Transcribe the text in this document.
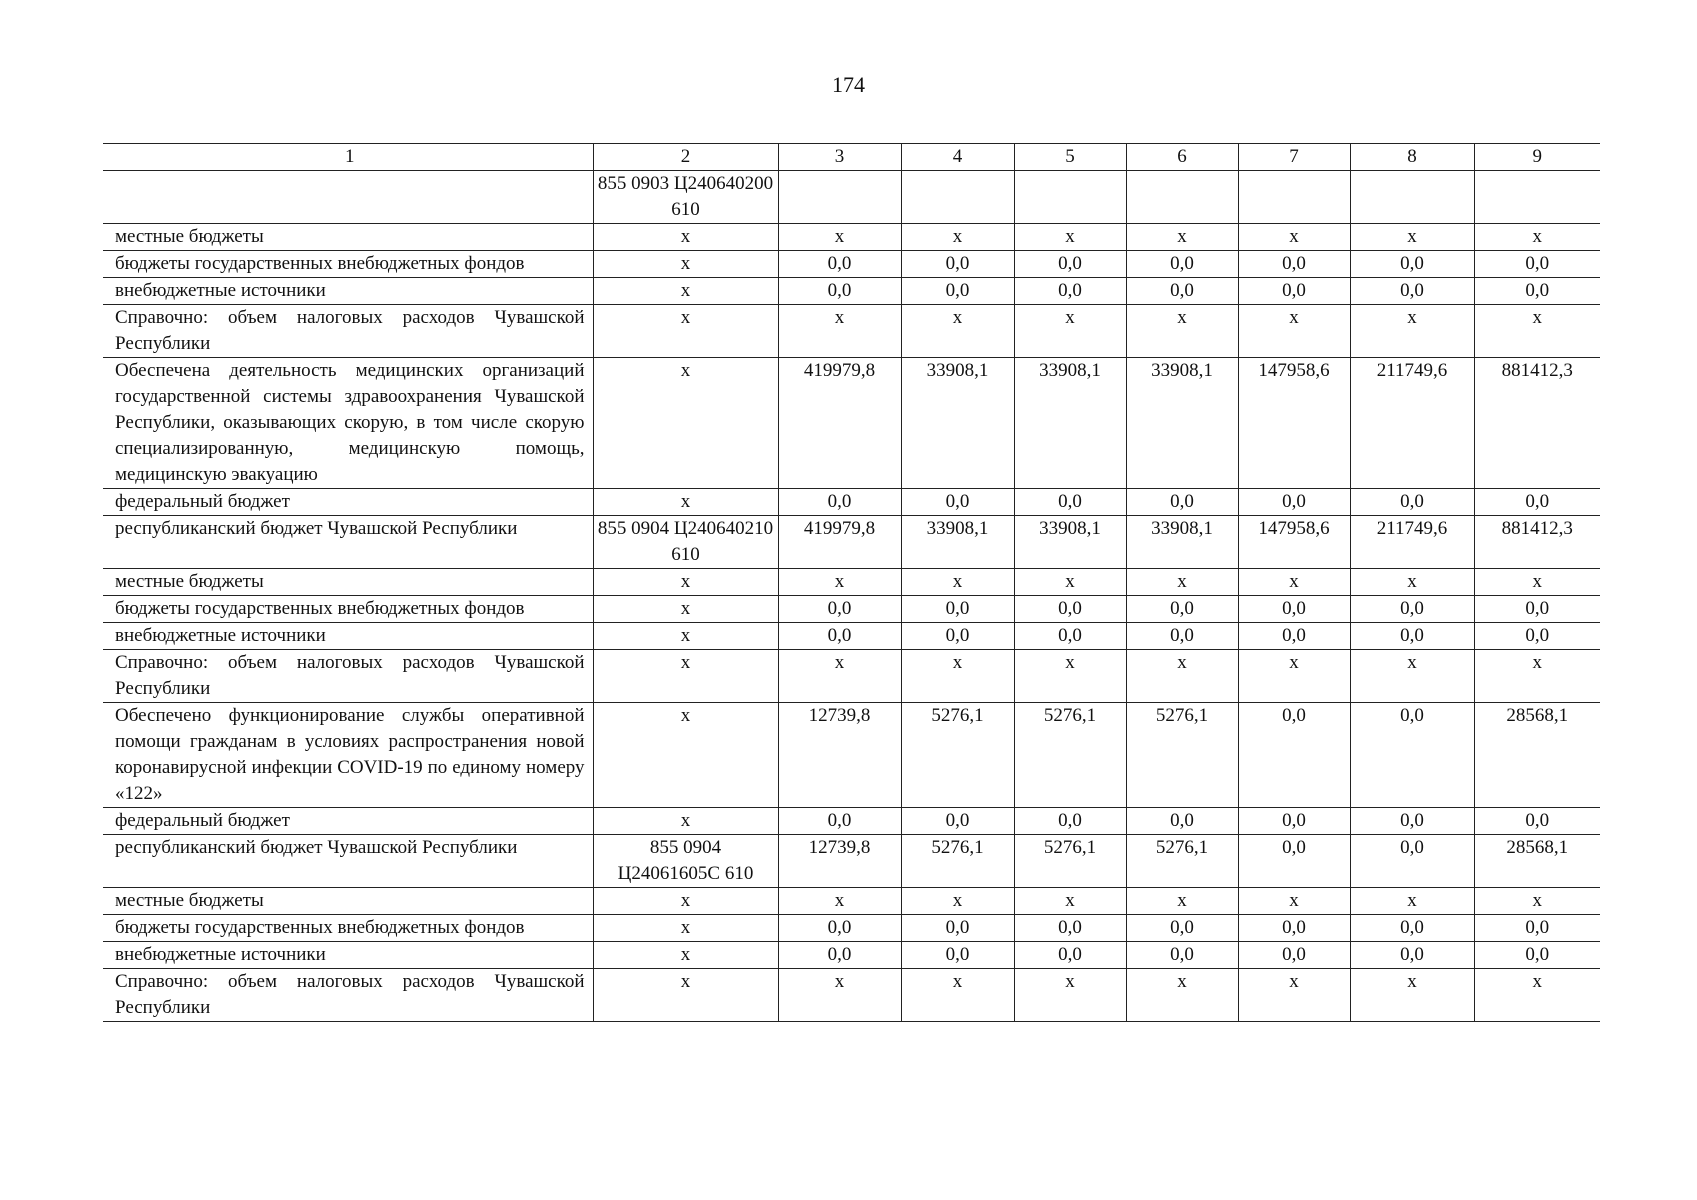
174
1	2	3	4	5	6	7	8	9
	855 0903 Ц240640200 610							
местные бюджеты	х	х	х	х	х	х	х	х
бюджеты государственных внебюджетных фондов	х	0,0	0,0	0,0	0,0	0,0	0,0	0,0
внебюджетные источники	х	0,0	0,0	0,0	0,0	0,0	0,0	0,0
Справочно: объем налоговых расходов Чувашской Республики	х	х	х	х	х	х	х	х
Обеспечена деятельность медицинских организаций государственной системы здравоохранения Чувашской Республики, оказывающих скорую, в том числе скорую специализированную, медицинскую помощь, медицинскую эвакуацию	х	419979,8	33908,1	33908,1	33908,1	147958,6	211749,6	881412,3
федеральный бюджет	х	0,0	0,0	0,0	0,0	0,0	0,0	0,0
республиканский бюджет Чувашской Республики	855 0904 Ц240640210 610	419979,8	33908,1	33908,1	33908,1	147958,6	211749,6	881412,3
местные бюджеты	х	х	х	х	х	х	х	х
бюджеты государственных внебюджетных фондов	х	0,0	0,0	0,0	0,0	0,0	0,0	0,0
внебюджетные источники	х	0,0	0,0	0,0	0,0	0,0	0,0	0,0
Справочно: объем налоговых расходов Чувашской Республики	х	х	х	х	х	х	х	х
Обеспечено функционирование службы оперативной помощи гражданам в условиях распространения новой коронавирусной инфекции COVID-19 по единому номеру «122»	х	12739,8	5276,1	5276,1	5276,1	0,0	0,0	28568,1
федеральный бюджет	х	0,0	0,0	0,0	0,0	0,0	0,0	0,0
республиканский бюджет Чувашской Республики	855 0904 Ц24061605С 610	12739,8	5276,1	5276,1	5276,1	0,0	0,0	28568,1
местные бюджеты	х	х	х	х	х	х	х	х
бюджеты государственных внебюджетных фондов	х	0,0	0,0	0,0	0,0	0,0	0,0	0,0
внебюджетные источники	х	0,0	0,0	0,0	0,0	0,0	0,0	0,0
Справочно: объем налоговых расходов Чувашской Республики	х	х	х	х	х	х	х	х
